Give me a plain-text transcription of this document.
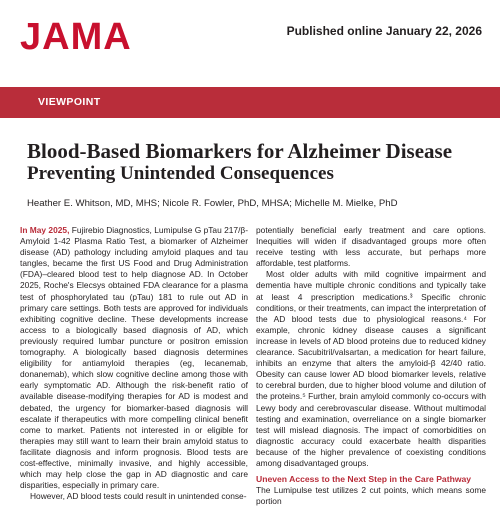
JAMA	Published online January 22, 2026
VIEWPOINT
Blood-Based Biomarkers for Alzheimer Disease
Preventing Unintended Consequences
Heather E. Whitson, MD, MHS; Nicole R. Fowler, PhD, MHSA; Michelle M. Mielke, PhD

In May 2025, Fujirebio Diagnostics, Lumipulse G pTau 217/β-Amyloid 1-42 Plasma Ratio Test, a biomarker of Alzheimer disease (AD) pathology including amyloid plaques and tau tangles, became the first US Food and Drug Administration (FDA)–cleared blood test to help diagnose AD. In October 2025, Roche's Elecsys obtained FDA clearance for a plasma test of phosphorylated tau (pTau) 181 to rule out AD in primary care settings. Both tests are approved for individuals exhibiting cognitive decline. These developments increase access to a biologically based diagnosis of AD, which previously required lumbar puncture or positron emission tomography. A biologically based diagnosis determines eligibility for antiamyloid therapies (eg, lecanemab, donanemab), which slow cognitive decline among those with early symptomatic AD. Although the risk-benefit ratio of available disease-modifying therapies for AD is modest and debated, the urgency for biomarker-based diagnosis will escalate if therapeutics with more compelling clinical benefit come to market. Patients not interested in or eligible for therapies may still want to learn their brain amyloid status to facilitate diagnosis and inform prognosis. Blood tests are cost-effective, minimally invasive, and highly accessible, which may help close the gap in AD diagnostic and care disparities, especially in primary care.

However, AD blood tests could result in unintended conse-

potentially beneficial early treatment and care options. Inequities will widen if disadvantaged groups more often receive testing with less accurate, but perhaps more affordable, test platforms.

Most older adults with mild cognitive impairment and dementia have multiple chronic conditions and typically take at least 4 prescription medications.³ Specific chronic conditions, or their treatments, can impact the interpretation of the AD blood tests due to physiological reasons.⁴ For example, chronic kidney disease causes a significant increase in levels of AD blood proteins due to reduced kidney clearance. Sacubitril/valsartan, a medication for heart failure, inhibits an enzyme that alters the amyloid-β 42/40 ratio. Obesity can cause lower AD blood biomarker levels, relative to cerebral burden, due to higher blood volume and dilution of the proteins.⁵ Further, brain amyloid commonly co-occurs with Lewy body and cerebrovascular disease. Without multimodal testing and examination, overreliance on a single biomarker test will mislead diagnosis. The impact of comorbidities on diagnostic accuracy could exacerbate health disparities because of the higher prevalence of coexisting conditions among disadvantaged groups.

Uneven Access to the Next Step in the Care Pathway

The Lumipulse test utilizes 2 cut points, which means some portion
